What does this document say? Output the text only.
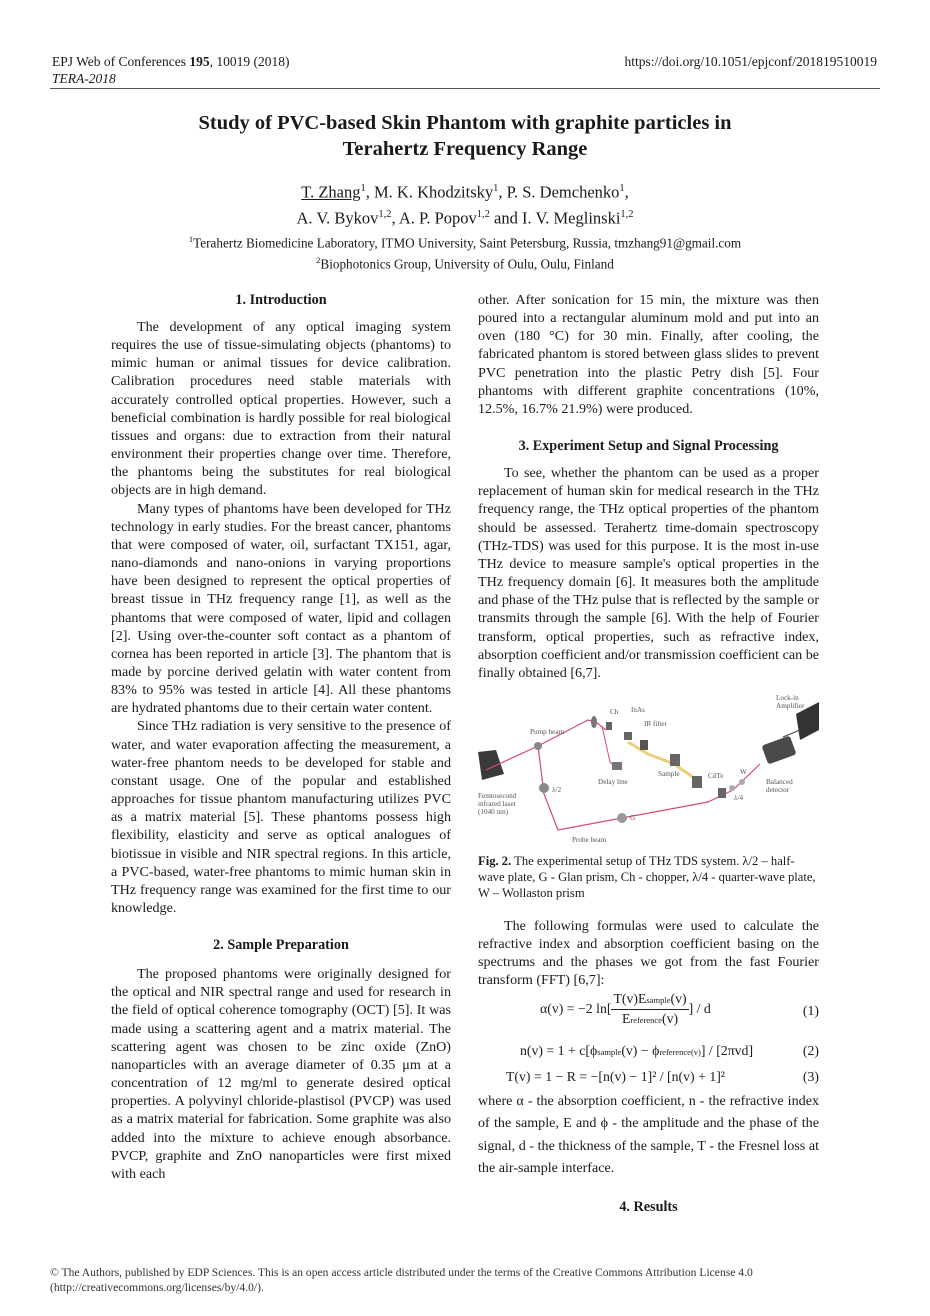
EPJ Web of Conferences 195, 10019 (2018)
TERA-2018
https://doi.org/10.1051/epjconf/201819510019
Study of PVC-based Skin Phantom with graphite particles in
Terahertz Frequency Range
T. Zhang$^1$, M. K. Khodzitsky$^1$, P. S. Demchenko$^1$,
A. V. Bykov$^{1,2}$, A. P. Popov$^{1,2}$ and I. V. Meglinski$^{1,2}$
$^1$Terahertz Biomedicine Laboratory, ITMO University, Saint Petersburg, Russia, tmzhang91@gmail.com
$^2$Biophotonics Group, University of Oulu, Oulu, Finland
1. Introduction

The development of any optical imaging system requires the use of tissue-simulating objects (phantoms) to mimic human or animal tissues for device calibration. Calibration procedures need stable materials with accurately controlled optical properties. However, such a beneficial combination is hardly possible for real biological tissues and organs: due to extraction from their natural environment their properties change over time. Therefore, the phantoms being the substitutes for real biological objects are in high demand.

Many types of phantoms have been developed for THz technology in early studies. For the breast cancer, phantoms that were composed of water, oil, surfactant TX151, agar, nano-diamonds and nano-onions in varying proportions have been designed to represent the optical properties of breast tissue in THz frequency range [1], as well as the phantoms that were composed of water, lipid and collagen [2]. Using over-the-counter soft contact as a phantom of cornea has been reported in article [3]. The phantom that is made by porcine derived gelatin with water content from 83% to 95% was tested in article [4]. All these phantoms are hydrated phantoms due to their certain water content.

Since THz radiation is very sensitive to the presence of water, and water evaporation affecting the measurement, a water-free phantom needs to be developed for stable and constant usage. One of the popular and established approaches for tissue phantom manufacturing utilizes PVC as a matrix material [5]. These phantoms possess high flexibility, elasticity and serve as optical analogues of biotissue in visible and NIR spectral regions. In this article, a PVC-based, water-free phantoms to mimic human skin in THz frequency range was examined for the first time to our knowledge.

2. Sample Preparation

The proposed phantoms were originally designed for the optical and NIR spectral range and used for research in the field of optical coherence tomography (OCT) [5]. It was made using a scattering agent and a matrix material. The scattering agent was chosen to be zinc oxide (ZnO) nanoparticles with an average diameter of 0.35 μm at a concentration of 12 mg/ml to generate desired optical properties. A polyvinyl chloride-plastisol (PVCP) was used as a matrix material for fabrication. Some graphite was also added into the mixture to achieve enough absorbance. PVCP, graphite and ZnO nanoparticles were first mixed with each

other. After sonication for 15 min, the mixture was then poured into a rectangular aluminum mold and put into an oven (180 °C) for 30 min. Finally, after cooling, the fabricated phantom is stored between glass slides to prevent PVC penetration into the plastic Petry dish [5]. Four phantoms with different graphite concentrations (10%, 12.5%, 16.7% 21.9%) were produced.

3. Experiment Setup and Signal Processing

To see, whether the phantom can be used as a proper replacement of human skin for medical research in the THz frequency range, the THz optical properties of the phantom should be assessed. Terahertz time-domain spectroscopy (THz-TDS) was used for this purpose. It is the most in-use THz device to measure sample's optical properties in the THz frequency domain [6]. It measures both the amplitude and phase of the THz pulse that is reflected by the sample or transmits through the sample [6]. With the help of Fourier transform, optical properties, such as refractive index, absorption coefficient and/or transmission coefficient can be finally obtained [6,7].

Lock-in
Amplifier
Ch InAs
IR filter
Pump beam
Sample	CdTe W
λ/4
Balanced
detector
Delay line
Femtosecond
infrared laser
(1040 nm)
λ/2
G
Probe beam
Fig. 2. The experimental setup of THz TDS system. λ/2 – half-wave plate, G - Glan prism, Ch - chopper, λ/4 - quarter-wave plate, W – Wollaston prism

The following formulas were used to calculate the refractive index and absorption coefficient basing on the spectrums and the phases we got from the fast Fourier transform (FFT) [6,7]:

α(v) = −2 $\ln[ \frac{\text{T(v)Esample(v)}}{\text{Ereference(v)}}$ ] / d	(1)
n(v) = 1 + c[ϕsample(v) − ϕreference(v)] / [2πvd]	(2)
T(v) = 1 − R = −[n(v) − 1]² / [n(v) + 1]²	(3)

where α - the absorption coefficient, n - the refractive index of the sample, E and ϕ - the amplitude and the phase of the signal, d - the thickness of the sample, T - the Fresnel loss at the air-sample interface.

4. Results
© The Authors, published by EDP Sciences. This is an open access article distributed under the terms of the Creative Commons Attribution License 4.0
(http://creativecommons.org/licenses/by/4.0/).
